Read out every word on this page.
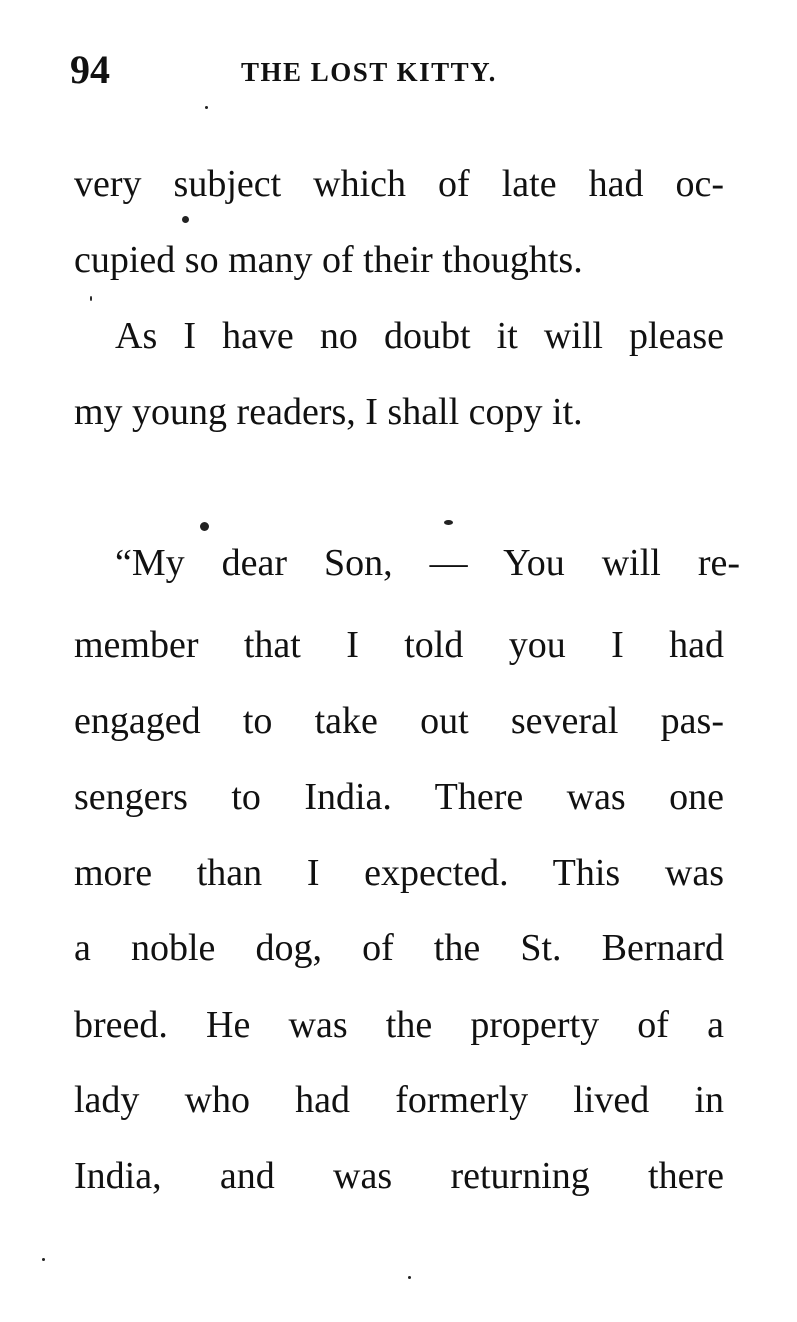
94	THE LOST KITTY.
very subject which of late had oc-
cupied so many of their thoughts.
As I have no doubt it will please
my young readers, I shall copy it.
“My dear Son, — You will re-
member that I told you I had
engaged to take out several pas-
sengers to India. There was one
more than I expected. This was
a noble dog, of the St. Bernard
breed. He was the property of a
lady who had formerly lived in
India, and was returning there
